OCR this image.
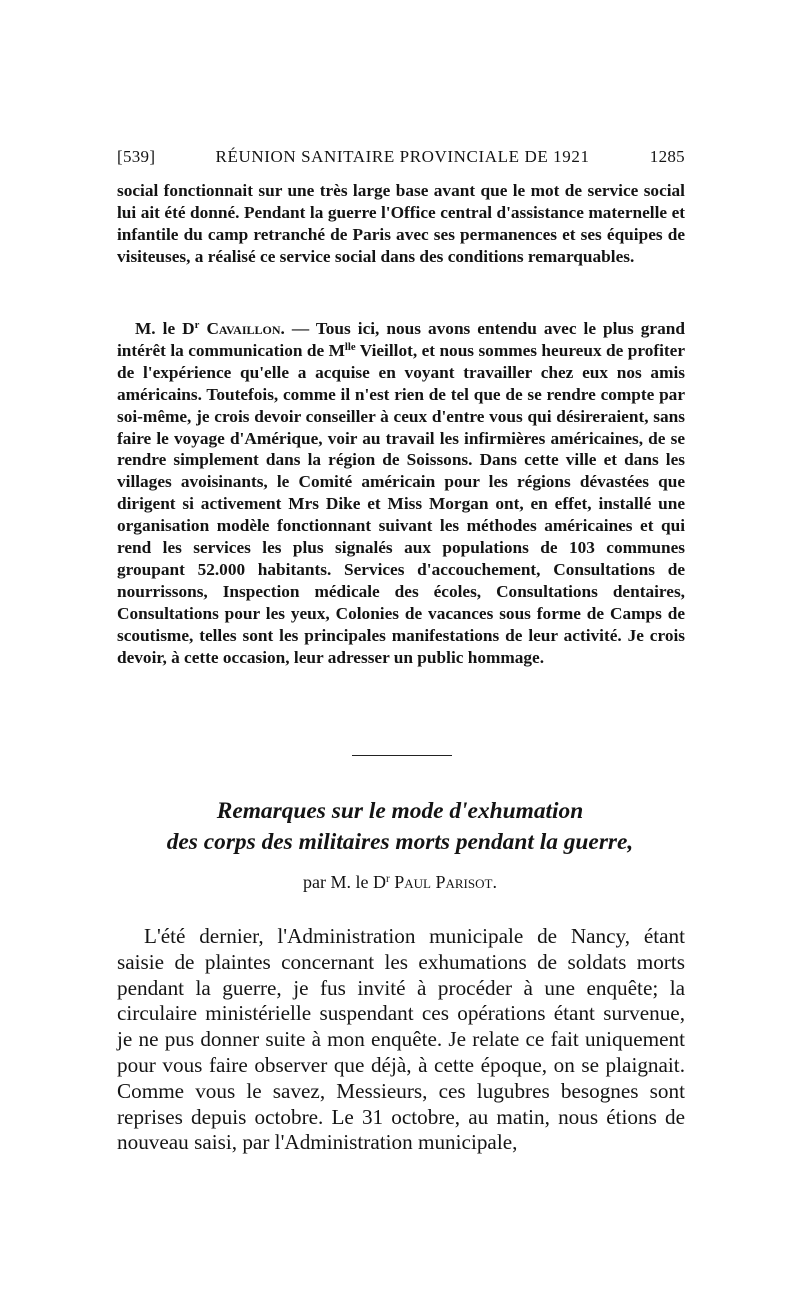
[539]	RÉUNION SANITAIRE PROVINCIALE DE 1921	1285

social fonctionnait sur une très large base avant que le mot de service social lui ait été donné. Pendant la guerre l'Office central d'assistance maternelle et infantile du camp retranché de Paris avec ses permanences et ses équipes de visiteuses, a réalisé ce service social dans des conditions remarquables.

M. le $D^r$ Cavaillon. — Tous ici, nous avons entendu avec le plus grand intérêt la communication de $M^{lle}$ Vieillot, et nous sommes heureux de profiter de l'expérience qu'elle a acquise en voyant travailler chez eux nos amis américains. Toutefois, comme il n'est rien de tel que de se rendre compte par soi-même, je crois devoir conseiller à ceux d'entre vous qui désireraient, sans faire le voyage d'Amérique, voir au travail les infirmières américaines, de se rendre simplement dans la région de Soissons. Dans cette ville et dans les villages avoisinants, le Comité américain pour les régions dévastées que dirigent si activement Mrs Dike et Miss Morgan ont, en effet, installé une organisation modèle fonctionnant suivant les méthodes américaines et qui rend les services les plus signalés aux populations de 103 communes groupant 52.000 habitants. Services d'accouchement, Consultations de nourrissons, Inspection médicale des écoles, Consultations dentaires, Consultations pour les yeux, Colonies de vacances sous forme de Camps de scoutisme, telles sont les principales manifestations de leur activité. Je crois devoir, à cette occasion, leur adresser un public hommage.

Remarques sur le mode d'exhumation
des corps des militaires morts pendant la guerre,
par M. le $D^r$ Paul Parisot.

L'été dernier, l'Administration municipale de Nancy, étant saisie de plaintes concernant les exhumations de soldats morts pendant la guerre, je fus invité à procéder à une enquête; la circulaire ministérielle suspendant ces opérations étant survenue, je ne pus donner suite à mon enquête. Je relate ce fait uniquement pour vous faire observer que déjà, à cette époque, on se plaignait. Comme vous le savez, Messieurs, ces lugubres besognes sont reprises depuis octobre. Le 31 octobre, au matin, nous étions de nouveau saisi, par l'Administration municipale,
